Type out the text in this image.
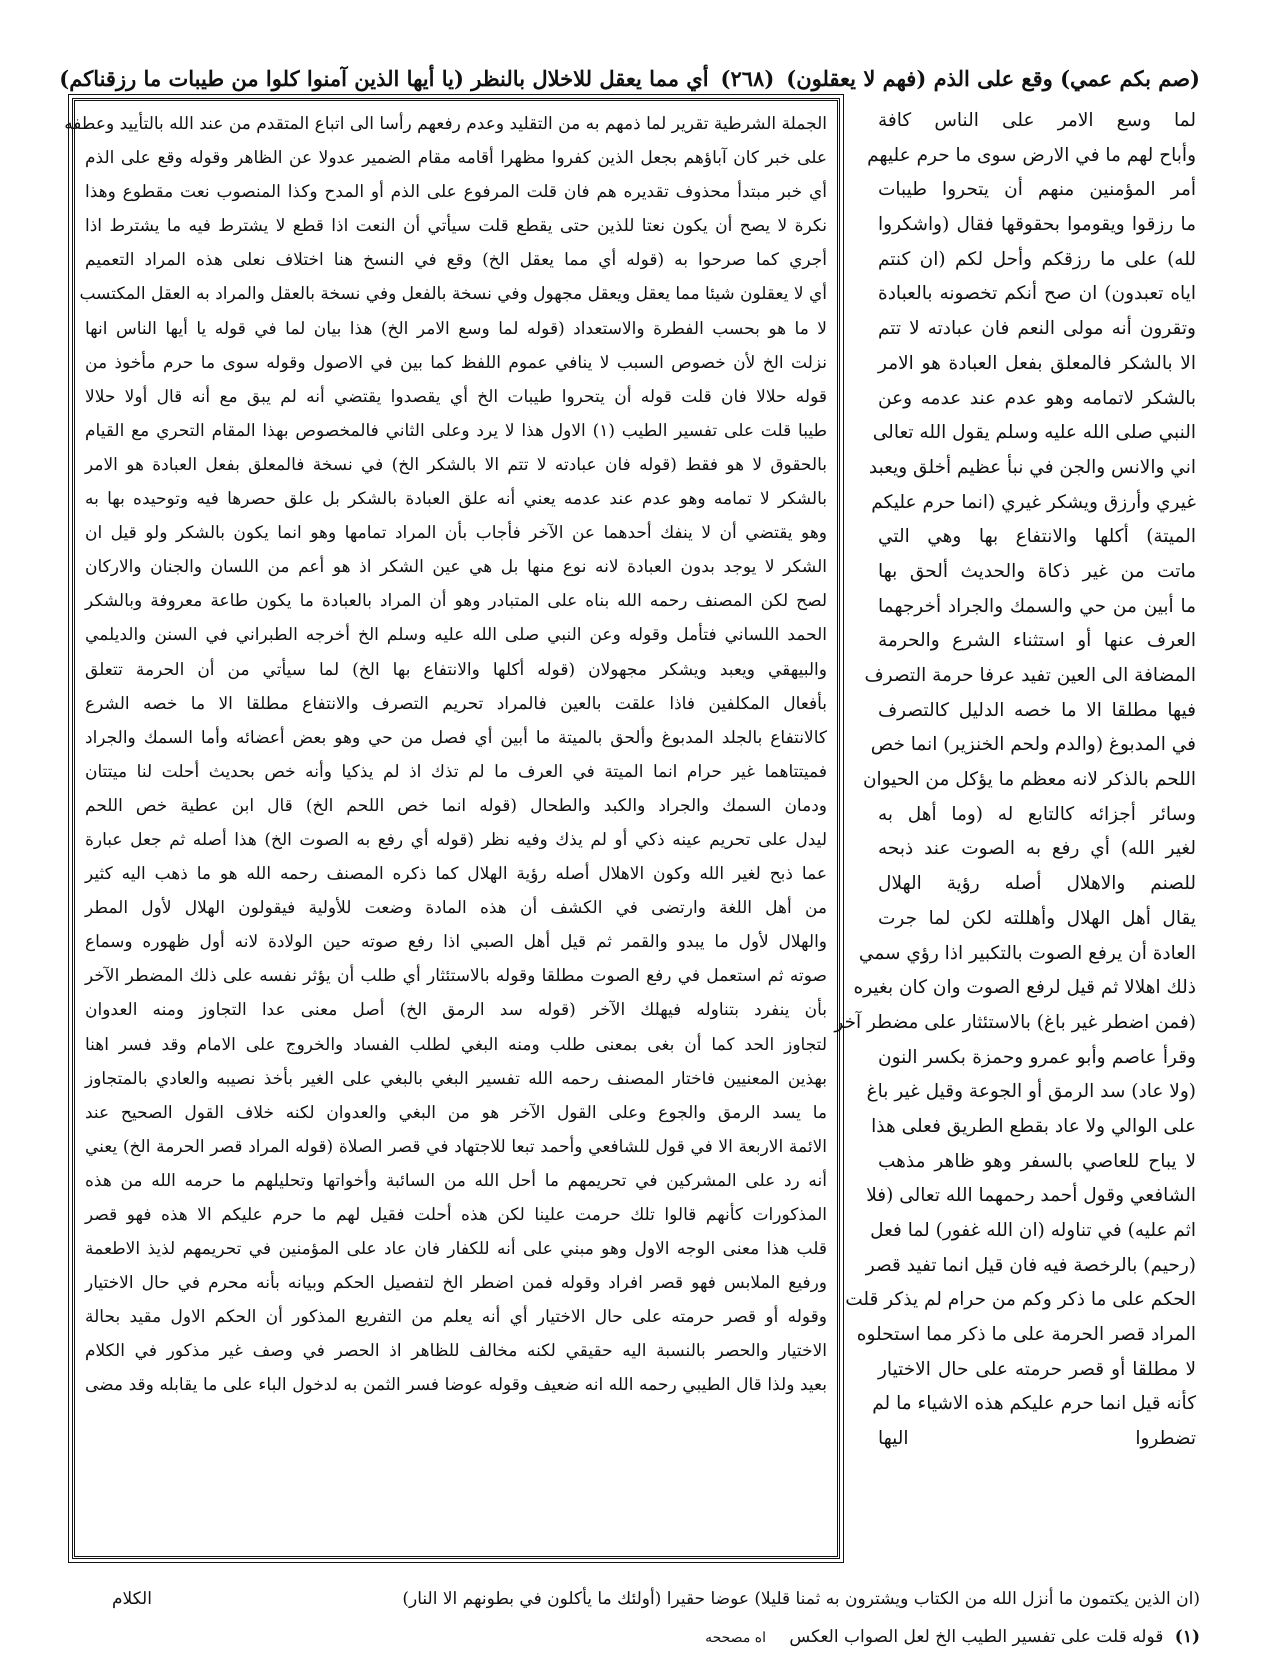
(صم بكم عمي) وقع على الذم (فهم لا يعقلون)
(٢٦٨)
أي مما يعقل للاخلال بالنظر (يا أيها الذين آمنوا كلوا من طيبات ما رزقناكم)
لما وسع الامر على الناس كافة
وأباح لهم ما في الارض سوى ما حرم عليهم
أمر المؤمنين منهم أن يتحروا طيبات
ما رزقوا ويقوموا بحقوقها فقال (واشكروا
لله) على ما رزقكم وأحل لكم (ان كنتم
اياه تعبدون) ان صح أنكم تخصونه بالعبادة
وتقرون أنه مولى النعم فان عبادته لا تتم
الا بالشكر فالمعلق بفعل العبادة هو الامر
بالشكر لاتمامه وهو عدم عند عدمه وعن
النبي صلى الله عليه وسلم يقول الله تعالى
اني والانس والجن في نبأ عظيم أخلق ويعبد
غيري وأرزق ويشكر غيري (انما حرم عليكم
الميتة) أكلها والانتفاع بها وهي التي
ماتت من غير ذكاة والحديث ألحق بها
ما أبين من حي والسمك والجراد أخرجهما
العرف عنها أو استثناء الشرع والحرمة
المضافة الى العين تفيد عرفا حرمة التصرف
فيها مطلقا الا ما خصه الدليل كالتصرف
في المدبوغ (والدم ولحم الخنزير) انما خص
اللحم بالذكر لانه معظم ما يؤكل من الحيوان
وسائر أجزائه كالتابع له (وما أهل به
لغير الله) أي رفع به الصوت عند ذبحه
للصنم والاهلال أصله رؤية الهلال
يقال أهل الهلال وأهللته لكن لما جرت
العادة أن يرفع الصوت بالتكبير اذا رؤي سمي
ذلك اهلالا ثم قيل لرفع الصوت وان كان بغيره
(فمن اضطر غير باغ) بالاستئثار على مضطر آخر
وقرأ عاصم وأبو عمرو وحمزة بكسر النون
(ولا عاد) سد الرمق أو الجوعة وقيل غير باغ
على الوالي ولا عاد بقطع الطريق فعلى هذا
لا يباح للعاصي بالسفر وهو ظاهر مذهب
الشافعي وقول أحمد رحمهما الله تعالى (فلا
اثم عليه) في تناوله (ان الله غفور) لما فعل
(رحيم) بالرخصة فيه فان قيل انما تفيد قصر
الحكم على ما ذكر وكم من حرام لم يذكر قلت
المراد قصر الحرمة على ما ذكر مما استحلوه
لا مطلقا أو قصر حرمته على حال الاختيار
كأنه قيل انما حرم عليكم هذه الاشياء ما لم
تضطروا اليها
الجملة الشرطية تقرير لما ذمهم به من التقليد وعدم رفعهم رأسا الى اتباع المتقدم من عند الله بالتأييد وعطفه
على خبر كان آباؤهم بجعل الذين كفروا مظهرا أقامه مقام الضمير عدولا عن الظاهر وقوله وقع على الذم
أي خبر مبتدأ محذوف تقديره هم فان قلت المرفوع على الذم أو المدح وكذا المنصوب نعت مقطوع وهذا
نكرة لا يصح أن يكون نعتا للذين حتى يقطع قلت سيأتي أن النعت اذا قطع لا يشترط فيه ما يشترط اذا
أجري كما صرحوا به (قوله أي مما يعقل الخ) وقع في النسخ هنا اختلاف نعلى هذه المراد التعميم
أي لا يعقلون شيئا مما يعقل ويعقل مجهول وفي نسخة بالفعل وفي نسخة بالعقل والمراد به العقل المكتسب
لا ما هو بحسب الفطرة والاستعداد (قوله لما وسع الامر الخ) هذا بيان لما في قوله يا أيها الناس انها
نزلت الخ لأن خصوص السبب لا ينافي عموم اللفظ كما بين في الاصول وقوله سوى ما حرم مأخوذ من
قوله حلالا فان قلت قوله أن يتحروا طيبات الخ أي يقصدوا يقتضي أنه لم يبق مع أنه قال أولا حلالا
طيبا قلت على تفسير الطيب (١) الاول هذا لا يرد وعلى الثاني فالمخصوص بهذا المقام التحري مع القيام
بالحقوق لا هو فقط (قوله فان عبادته لا تتم الا بالشكر الخ) في نسخة فالمعلق بفعل العبادة هو الامر
بالشكر لا تمامه وهو عدم عند عدمه يعني أنه علق العبادة بالشكر بل علق حصرها فيه وتوحيده بها به
وهو يقتضي أن لا ينفك أحدهما عن الآخر فأجاب بأن المراد تمامها وهو انما يكون بالشكر ولو قيل ان
الشكر لا يوجد بدون العبادة لانه نوع منها بل هي عين الشكر اذ هو أعم من اللسان والجنان والاركان
لصح لكن المصنف رحمه الله بناه على المتبادر وهو أن المراد بالعبادة ما يكون طاعة معروفة وبالشكر
الحمد اللساني فتأمل وقوله وعن النبي صلى الله عليه وسلم الخ أخرجه الطبراني في السنن والديلمي
والبيهقي ويعبد ويشكر مجهولان (قوله أكلها والانتفاع بها الخ) لما سيأتي من أن الحرمة تتعلق
بأفعال المكلفين فاذا علقت بالعين فالمراد تحريم التصرف والانتفاع مطلقا الا ما خصه الشرع
كالانتفاع بالجلد المدبوغ وألحق بالميتة ما أبين أي فصل من حي وهو بعض أعضائه وأما السمك والجراد
فميتتاهما غير حرام انما الميتة في العرف ما لم تذك اذ لم يذكيا وأنه خص بحديث أحلت لنا ميتتان
ودمان السمك والجراد والكبد والطحال (قوله انما خص اللحم الخ) قال ابن عطية خص اللحم
ليدل على تحريم عينه ذكي أو لم يذك وفيه نظر (قوله أي رفع به الصوت الخ) هذا أصله ثم جعل عبارة
عما ذبح لغير الله وكون الاهلال أصله رؤية الهلال كما ذكره المصنف رحمه الله هو ما ذهب اليه كثير
من أهل اللغة وارتضى في الكشف أن هذه المادة وضعت للأولية فيقولون الهلال لأول المطر
والهلال لأول ما يبدو والقمر ثم قيل أهل الصبي اذا رفع صوته حين الولادة لانه أول ظهوره وسماع
صوته ثم استعمل في رفع الصوت مطلقا وقوله بالاستئثار أي طلب أن يؤثر نفسه على ذلك المضطر الآخر
بأن ينفرد بتناوله فيهلك الآخر (قوله سد الرمق الخ) أصل معنى عدا التجاوز ومنه العدوان
لتجاوز الحد كما أن بغى بمعنى طلب ومنه البغي لطلب الفساد والخروج على الامام وقد فسر اهنا
بهذين المعنيين فاختار المصنف رحمه الله تفسير البغي بالبغي على الغير بأخذ نصيبه والعادي بالمتجاوز
ما يسد الرمق والجوع وعلى القول الآخر هو من البغي والعدوان لكنه خلاف القول الصحيح عند
الائمة الاربعة الا في قول للشافعي وأحمد تبعا للاجتهاد في قصر الصلاة (قوله المراد قصر الحرمة الخ) يعني
أنه رد على المشركين في تحريمهم ما أحل الله من السائبة وأخواتها وتحليلهم ما حرمه الله من هذه
المذكورات كأنهم قالوا تلك حرمت علينا لكن هذه أحلت فقيل لهم ما حرم عليكم الا هذه فهو قصر
قلب هذا معنى الوجه الاول وهو مبني على أنه للكفار فان عاد على المؤمنين في تحريمهم لذيذ الاطعمة
ورفيع الملابس فهو قصر افراد وقوله فمن اضطر الخ لتفصيل الحكم وبيانه بأنه محرم في حال الاختيار
وقوله أو قصر حرمته على حال الاختيار أي أنه يعلم من التفريع المذكور أن الحكم الاول مقيد بحالة
الاختيار والحصر بالنسبة اليه حقيقي لكنه مخالف للظاهر اذ الحصر في وصف غير مذكور في الكلام
بعيد ولذا قال الطيبي رحمه الله انه ضعيف وقوله عوضا فسر الثمن به لدخول الباء على ما يقابله وقد مضى
(ان الذين يكتمون ما أنزل الله من الكتاب ويشترون به ثمنا قليلا) عوضا حقيرا (أولئك ما يأكلون في بطونهم الا النار)
الكلام
(١) قوله قلت على تفسير الطيب الخ لعل الصواب العكس اه مصححه
